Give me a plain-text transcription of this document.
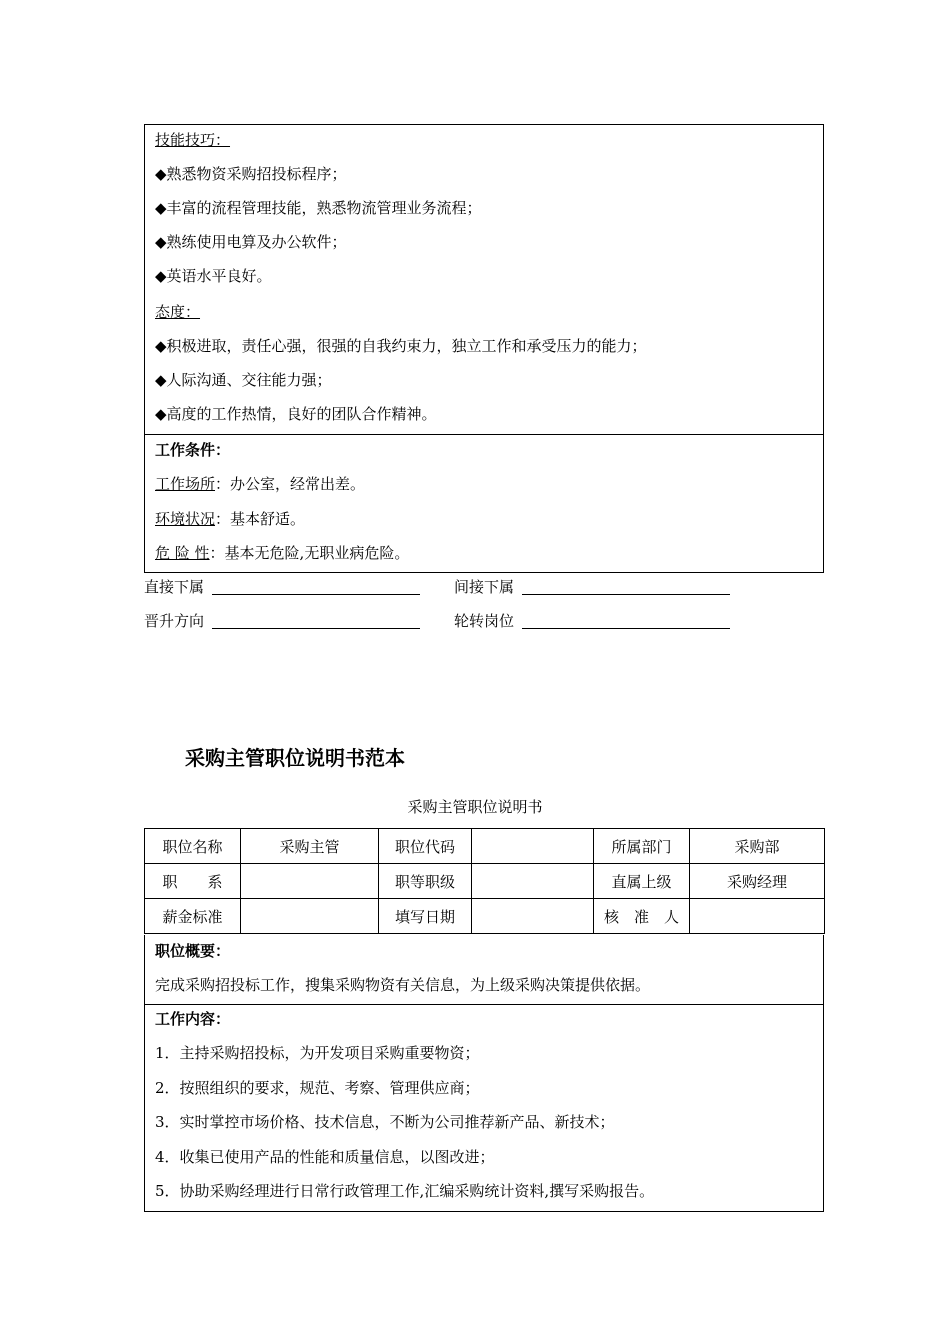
技能技巧：
◆熟悉物资采购招投标程序；
◆丰富的流程管理技能，熟悉物流管理业务流程；
◆熟练使用电算及办公软件；
◆英语水平良好。
态度：
◆积极进取，责任心强，很强的自我约束力，独立工作和承受压力的能力；
◆人际沟通、交往能力强；
◆高度的工作热情，良好的团队合作精神。
工作条件：
工作场所：办公室，经常出差。
环境状况：基本舒适。
危 险 性：基本无危险,无职业病危险。
直接下属	间接下属
晋升方向	轮转岗位
采购主管职位说明书范本
采购主管职位说明书
职位名称	采购主管	职位代码		所属部门	采购部
职　　系		职等职级		直属上级	采购经理
薪金标准		填写日期		核　准　人	
职位概要：
完成采购招投标工作，搜集采购物资有关信息，为上级采购决策提供依据。
工作内容：
1．主持采购招投标，为开发项目采购重要物资；
2．按照组织的要求，规范、考察、管理供应商；
3．实时掌控市场价格、技术信息，不断为公司推荐新产品、新技术；
4．收集已使用产品的性能和质量信息，以图改进；
5．协助采购经理进行日常行政管理工作,汇编采购统计资料,撰写采购报告。
